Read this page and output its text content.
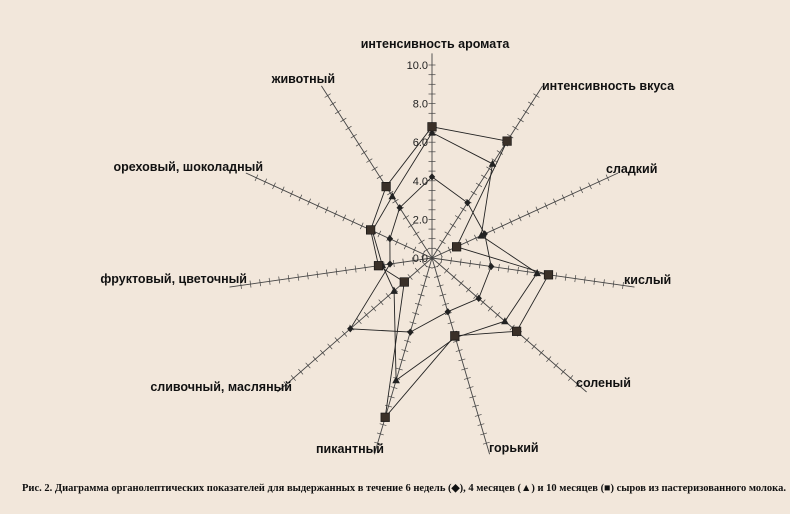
0.0
2.0
4.0
6.0
8.0
10.0
интенсивность аромата
интенсивность вкуса
сладкий
кислый
соленый
горький
пикантный
сливочный, масляный
фруктовый, цветочный
ореховый, шоколадный
животный
Рис. 2. Диаграмма органолептических показателей для выдержанных в течение 6 недель (◆), 4 месяцев (▲) и 10 месяцев (■) сыров из пастеризованного молока.
